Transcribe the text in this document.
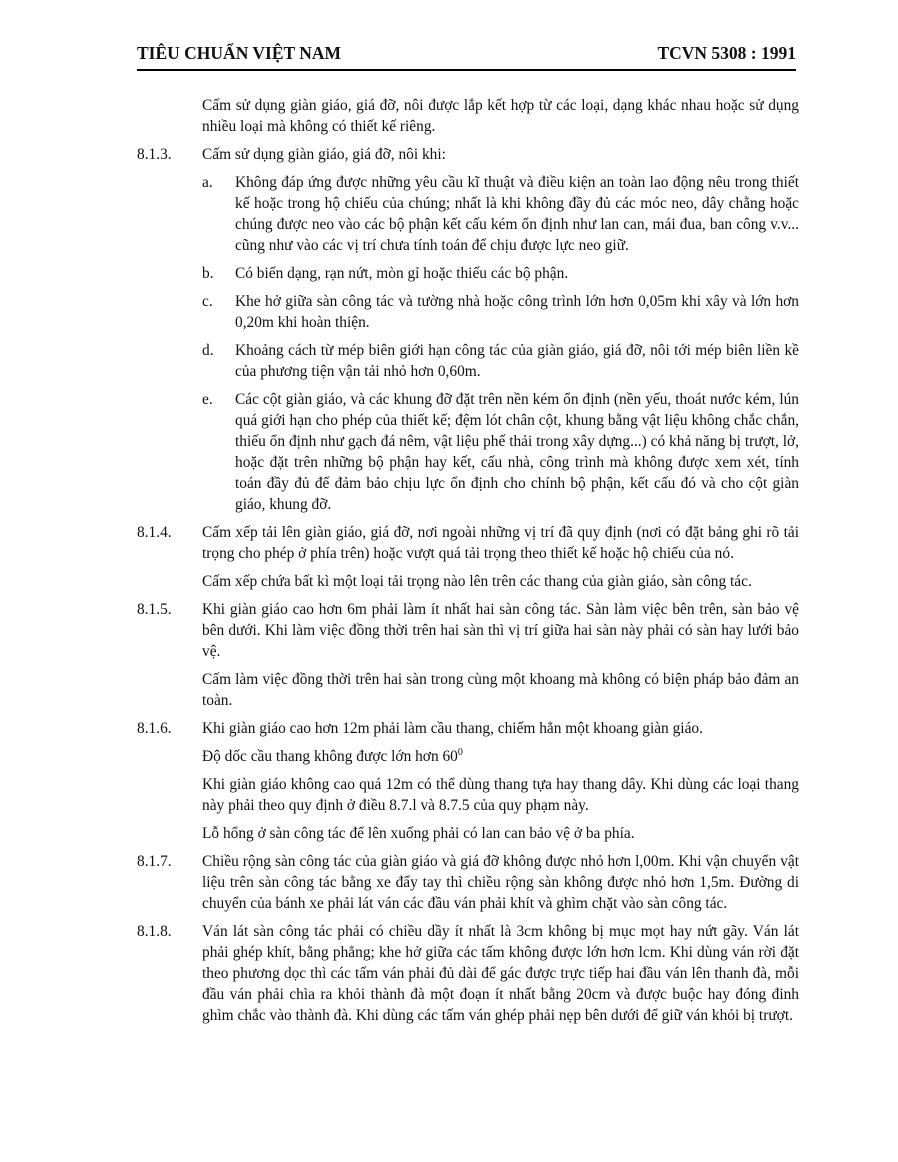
TIÊU CHUẨN VIỆT NAM	TCVN 5308 : 1991

Cấm sử dụng giàn giáo, giá đỡ, nôi được lắp kết hợp từ các loại, dạng khác nhau hoặc sử dụng nhiều loại mà không có thiết kế riêng.

8.1.3.	Cấm sử dụng giàn giáo, giá đỡ, nôi khi:

a.	Không đáp ứng được những yêu cầu kĩ thuật và điều kiện an toàn lao động nêu trong thiết kế hoặc trong hộ chiếu của chúng; nhất là khi không đầy đủ các móc neo, dây chằng hoặc chúng được neo vào các bộ phận kết cấu kém ổn định như lan can, mái đua, ban công v.v... cũng như vào các vị trí chưa tính toán để chịu được lực neo giữ.

b.	Có biến dạng, rạn nứt, mòn gỉ hoặc thiếu các bộ phận.

c.	Khe hở giữa sàn công tác và tường nhà hoặc công trình lớn hơn 0,05m khi xây và lớn hơn 0,20m khi hoàn thiện.

d.	Khoảng cách từ mép biên giới hạn công tác của giàn giáo, giá đỡ, nôi tới mép biên liền kề của phương tiện vận tải nhỏ hơn 0,60m.

e.	Các cột giàn giáo, và các khung đỡ đặt trên nền kém ổn định (nền yếu, thoát nước kém, lún quá giới hạn cho phép của thiết kế; đệm lót chân cột, khung bằng vật liệu không chắc chắn, thiếu ổn định như gạch đá nêm, vật liệu phế thải trong xây dựng...) có khả năng bị trượt, lở, hoặc đặt trên những bộ phận hay kết, cấu nhà, công trình mà không được xem xét, tính toán đầy đủ để đảm bảo chịu lực ổn định cho chính bộ phận, kết cấu đó và cho cột giàn giáo, khung đỡ.

8.1.4.	Cấm xếp tải lên giàn giáo, giá đỡ, nơi ngoài những vị trí đã quy định (nơi có đặt bảng ghi rõ tải trọng cho phép ở phía trên) hoặc vượt quá tải trọng theo thiết kế hoặc hộ chiếu của nó.

Cấm xếp chứa bất kì một loại tải trọng nào lên trên các thang của giàn giáo, sàn công tác.

8.1.5.	Khi giàn giáo cao hơn 6m phải làm ít nhất hai sàn công tác. Sàn làm việc bên trên, sàn bảo vệ bên dưới. Khi làm việc đồng thời trên hai sàn thì vị trí giữa hai sàn này phải có sàn hay lưới bảo vệ.

Cấm làm việc đồng thời trên hai sàn trong cùng một khoang mà không có biện pháp bảo đảm an toàn.

8.1.6.	Khi giàn giáo cao hơn 12m phải làm cầu thang, chiếm hẳn một khoang giàn giáo.

Độ dốc cầu thang không được lớn hơn $60^0$

Khi giàn giáo không cao quá 12m có thể dùng thang tựa hay thang dây. Khi dùng các loại thang này phải theo quy định ở điều 8.7.l và 8.7.5 của quy phạm này.

Lỗ hổng ở sàn công tác để lên xuống phải có lan can bảo vệ ở ba phía.

8.1.7.	Chiều rộng sàn công tác của giàn giáo và giá đỡ không được nhỏ hơn l,00m. Khi vận chuyển vật liệu trên sàn công tác bằng xe đẩy tay thì chiều rộng sàn không được nhỏ hơn 1,5m. Đường di chuyển của bánh xe phải lát ván các đầu ván phải khít và ghìm chặt vào sàn công tác.

8.1.8.	Ván lát sàn công tác phải có chiều dầy ít nhất là 3cm không bị mục mọt hay nứt gãy. Ván lát phải ghép khít, bằng phẳng; khe hở giữa các tấm không được lớn hơn lcm. Khi dùng ván rời đặt theo phương dọc thì các tấm ván phải đủ dài để gác được trực tiếp hai đầu ván lên thanh đà, mỗi đầu ván phải chìa ra khỏi thành đà một đoạn ít nhất bằng 20cm và được buộc hay đóng đinh ghìm chắc vào thành đà. Khi dùng các tấm ván ghép phải nẹp bên dưới để giữ ván khỏi bị trượt.
